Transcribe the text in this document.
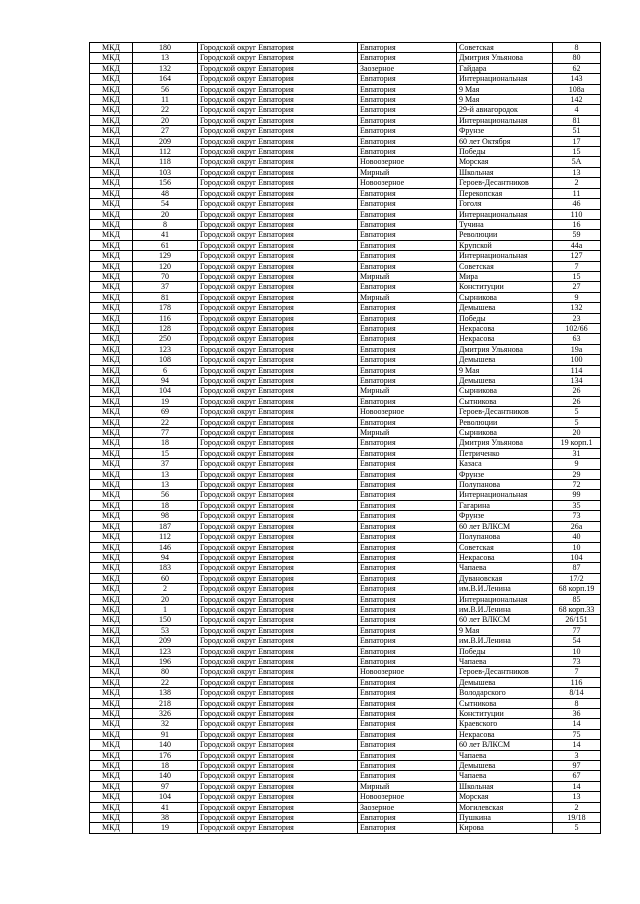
МКД	180	Городской округ Евпатория	Евпатория	Советская	8
МКД	13	Городской округ Евпатория	Евпатория	Дмитрия Ульянова	80
МКД	132	Городской округ Евпатория	Заозерное	Гайдара	62
МКД	164	Городской округ Евпатория	Евпатория	Интернациональная	143
МКД	56	Городской округ Евпатория	Евпатория	9 Мая	108а
МКД	11	Городской округ Евпатория	Евпатория	9 Мая	142
МКД	22	Городской округ Евпатория	Евпатория	29-й авиагородок	4
МКД	20	Городской округ Евпатория	Евпатория	Интернациональная	81
МКД	27	Городской округ Евпатория	Евпатория	Фрунзе	51
МКД	209	Городской округ Евпатория	Евпатория	60 лет Октября	17
МКД	112	Городской округ Евпатория	Евпатория	Победы	15
МКД	118	Городской округ Евпатория	Новоозерное	Морская	5А
МКД	103	Городской округ Евпатория	Мирный	Школьная	13
МКД	156	Городской округ Евпатория	Новоозерное	Героев-Десантников	2
МКД	48	Городской округ Евпатория	Евпатория	Перекопская	11
МКД	54	Городской округ Евпатория	Евпатория	Гоголя	46
МКД	20	Городской округ Евпатория	Евпатория	Интернациональная	110
МКД	8	Городской округ Евпатория	Евпатория	Тучина	16
МКД	41	Городской округ Евпатория	Евпатория	Революции	59
МКД	61	Городской округ Евпатория	Евпатория	Крупской	44а
МКД	129	Городской округ Евпатория	Евпатория	Интернациональная	127
МКД	120	Городской округ Евпатория	Евпатория	Советская	7
МКД	70	Городской округ Евпатория	Мирный	Мира	15
МКД	37	Городской округ Евпатория	Евпатория	Конституции	27
МКД	81	Городской округ Евпатория	Мирный	Сырникова	9
МКД	178	Городской округ Евпатория	Евпатория	Демышева	132
МКД	116	Городской округ Евпатория	Евпатория	Победы	23
МКД	128	Городской округ Евпатория	Евпатория	Некрасова	102/66
МКД	250	Городской округ Евпатория	Евпатория	Некрасова	63
МКД	123	Городской округ Евпатория	Евпатория	Дмитрия Ульянова	19а
МКД	108	Городской округ Евпатория	Евпатория	Демышева	100
МКД	6	Городской округ Евпатория	Евпатория	9 Мая	114
МКД	94	Городской округ Евпатория	Евпатория	Демышева	134
МКД	104	Городской округ Евпатория	Мирный	Сырникова	26
МКД	19	Городской округ Евпатория	Евпатория	Сытникова	26
МКД	69	Городской округ Евпатория	Новоозерное	Героев-Десантников	5
МКД	22	Городской округ Евпатория	Евпатория	Революции	5
МКД	77	Городской округ Евпатория	Мирный	Сырникова	20
МКД	18	Городской округ Евпатория	Евпатория	Дмитрия Ульянова	19 корп.1
МКД	15	Городской округ Евпатория	Евпатория	Петриченко	31
МКД	37	Городской округ Евпатория	Евпатория	Казаса	9
МКД	13	Городской округ Евпатория	Евпатория	Фрунзе	29
МКД	13	Городской округ Евпатория	Евпатория	Полупанова	72
МКД	56	Городской округ Евпатория	Евпатория	Интернациональная	99
МКД	18	Городской округ Евпатория	Евпатория	Гагарина	35
МКД	98	Городской округ Евпатория	Евпатория	Фрунзе	73
МКД	187	Городской округ Евпатория	Евпатория	60 лет ВЛКСМ	26а
МКД	112	Городской округ Евпатория	Евпатория	Полупанова	40
МКД	146	Городской округ Евпатория	Евпатория	Советская	10
МКД	94	Городской округ Евпатория	Евпатория	Некрасова	104
МКД	183	Городской округ Евпатория	Евпатория	Чапаева	87
МКД	60	Городской округ Евпатория	Евпатория	Дувановская	17/2
МКД	2	Городской округ Евпатория	Евпатория	им.В.И.Ленина	68 корп.19
МКД	20	Городской округ Евпатория	Евпатория	Интернациональная	85
МКД	1	Городской округ Евпатория	Евпатория	им.В.И.Ленина	68 корп.33
МКД	150	Городской округ Евпатория	Евпатория	60 лет ВЛКСМ	26/151
МКД	53	Городской округ Евпатория	Евпатория	9 Мая	77
МКД	209	Городской округ Евпатория	Евпатория	им.В.И.Ленина	54
МКД	123	Городской округ Евпатория	Евпатория	Победы	10
МКД	196	Городской округ Евпатория	Евпатория	Чапаева	73
МКД	80	Городской округ Евпатория	Новоозерное	Героев-Десантников	7
МКД	22	Городской округ Евпатория	Евпатория	Демышева	116
МКД	138	Городской округ Евпатория	Евпатория	Володарского	8/14
МКД	218	Городской округ Евпатория	Евпатория	Сытникова	8
МКД	326	Городской округ Евпатория	Евпатория	Конституции	36
МКД	32	Городской округ Евпатория	Евпатория	Краевского	14
МКД	91	Городской округ Евпатория	Евпатория	Некрасова	75
МКД	140	Городской округ Евпатория	Евпатория	60 лет ВЛКСМ	14
МКД	176	Городской округ Евпатория	Евпатория	Чапаева	3
МКД	18	Городской округ Евпатория	Евпатория	Демышева	97
МКД	140	Городской округ Евпатория	Евпатория	Чапаева	67
МКД	97	Городской округ Евпатория	Мирный	Школьная	14
МКД	104	Городской округ Евпатория	Новоозерное	Морская	13
МКД	41	Городской округ Евпатория	Заозерное	Могилевская	2
МКД	38	Городской округ Евпатория	Евпатория	Пушкина	19/18
МКД	19	Городской округ Евпатория	Евпатория	Кирова	5
